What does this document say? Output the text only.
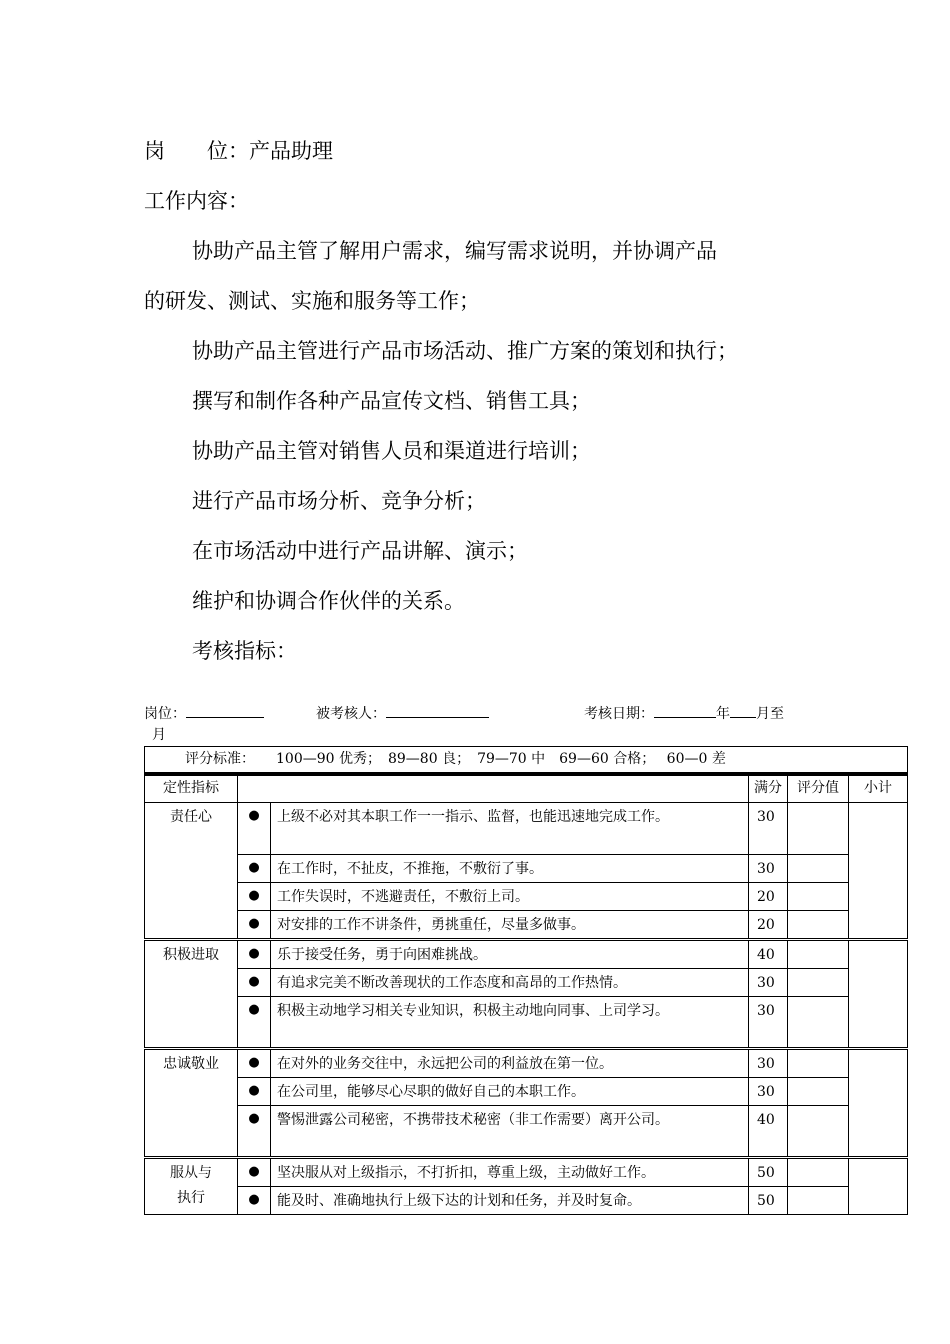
岗　　位：产品助理
工作内容：
协助产品主管了解用户需求，编写需求说明，并协调产品
的研发、测试、实施和服务等工作；
协助产品主管进行产品市场活动、推广方案的策划和执行；
撰写和制作各种产品宣传文档、销售工具；
协助产品主管对销售人员和渠道进行培训；
进行产品市场分析、竞争分析；
在市场活动中进行产品讲解、演示；
维护和协调合作伙伴的关系。
考核指标：
岗位：	被考核人：	考核日期：	年 月至
月
评分标准：　　100—90 优秀；　89—80 良；　79—70 中　69—60 合格；　 60—0 差					

定性指标			满分	评分值	小计
责任心	●	上级不必对其本职工作一一指示、监督，也能迅速地完成工作。	30		
	●	在工作时，不扯皮，不推拖，不敷衍了事。	30		
	●	工作失误时，不逃避责任，不敷衍上司。	20		
	●	对安排的工作不讲条件，勇挑重任，尽量多做事。	20		
积极进取	●	乐于接受任务，勇于向困难挑战。	40		
	●	有追求完美不断改善现状的工作态度和高昂的工作热情。	30		
	●	积极主动地学习相关专业知识，积极主动地向同事、上司学习。	30		
忠诚敬业	●	在对外的业务交往中，永远把公司的利益放在第一位。	30		
	●	在公司里，能够尽心尽职的做好自己的本职工作。	30		
	●	警惕泄露公司秘密，不携带技术秘密（非工作需要）离开公司。	40		
服从与执行	●	坚决服从对上级指示，不打折扣，尊重上级，主动做好工作。	50		
	●	能及时、准确地执行上级下达的计划和任务，并及时复命。	50		
